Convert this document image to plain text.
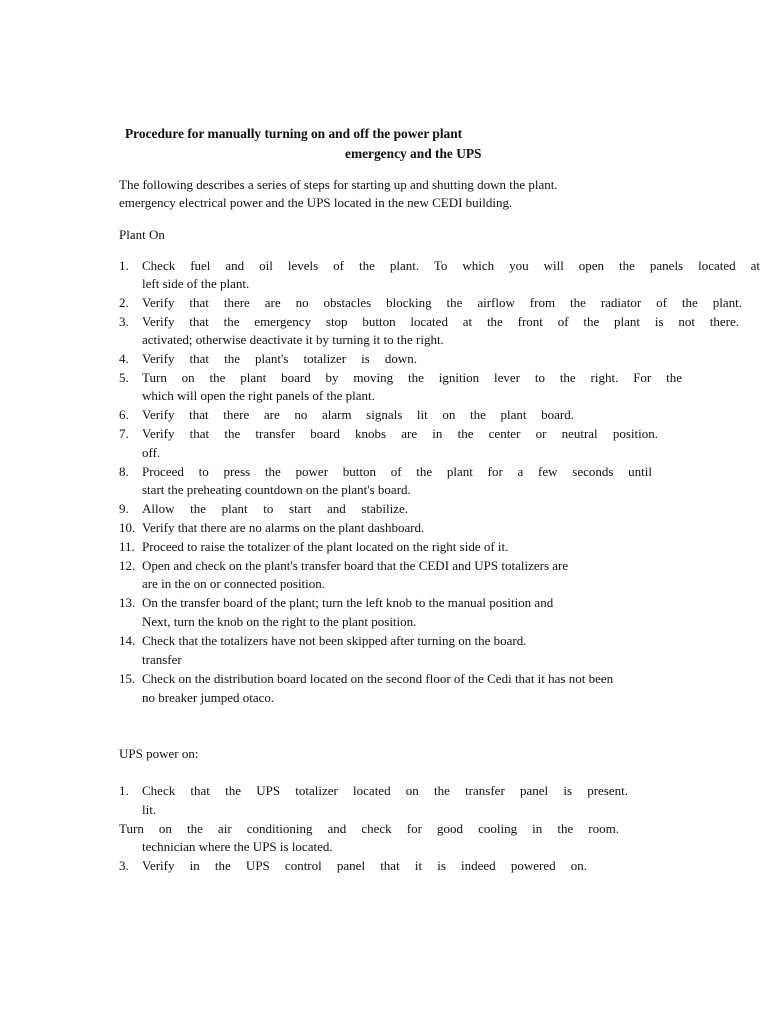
Procedure for manually turning on and off the power plant
emergency and the UPS
The following describes a series of steps for starting up and shutting down the plant.
emergency electrical power and the UPS located in the new CEDI building.
Plant On
1. Check fuel and oil levels of the plant. To which you will open the panels located at
left side of the plant.
2. Verify that there are no obstacles blocking the airflow from the radiator of the plant.
3. Verify that the emergency stop button located at the front of the plant is not there.
activated; otherwise deactivate it by turning it to the right.
4. Verify that the plant's totalizer is down.
5. Turn on the plant board by moving the ignition lever to the right. For the
which will open the right panels of the plant.
6. Verify that there are no alarm signals lit on the plant board.
7. Verify that the transfer board knobs are in the center or neutral position.
off.
8. Proceed to press the power button of the plant for a few seconds until
start the preheating countdown on the plant's board.
9. Allow the plant to start and stabilize.
10. Verify that there are no alarms on the plant dashboard.
11. Proceed to raise the totalizer of the plant located on the right side of it.
12. Open and check on the plant's transfer board that the CEDI and UPS totalizers are
are in the on or connected position.
13. On the transfer board of the plant; turn the left knob to the manual position and
Next, turn the knob on the right to the plant position.
14. Check that the totalizers have not been skipped after turning on the board.
transfer
15. Check on the distribution board located on the second floor of the Cedi that it has not been
no breaker jumped otaco.
UPS power on:
1. Check that the UPS totalizer located on the transfer panel is present.
lit.
Turn on the air conditioning and check for good cooling in the room.
technician where the UPS is located.
3. Verify in the UPS control panel that it is indeed powered on.
